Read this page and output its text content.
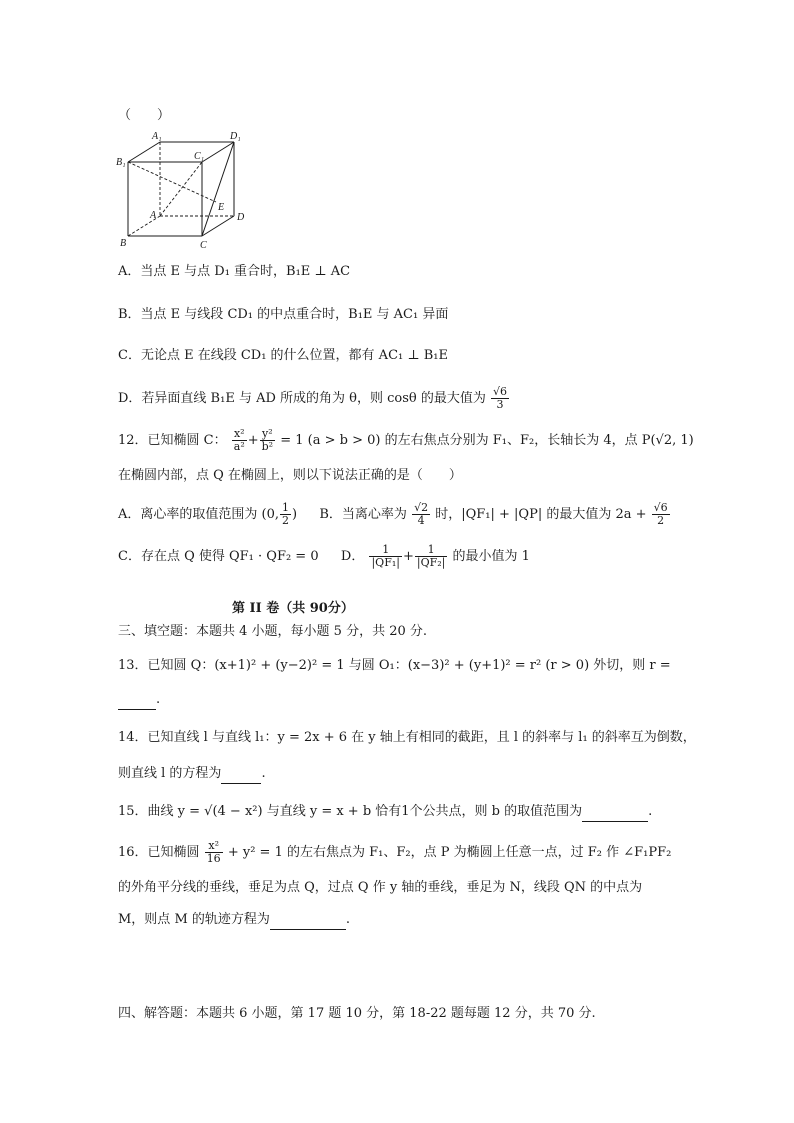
（　　）
A₁	D₁
B₁
C₁
A
E
D
B	C
A．当点 E 与点 D₁ 重合时，B₁E ⊥ AC
B．当点 E 与线段 CD₁ 的中点重合时，B₁E 与 AC₁ 异面
C．无论点 E 在线段 CD₁ 的什么位置，都有 AC₁ ⊥ B₁E
D．若异面直线 B₁E 与 AD 所成的角为 θ，则 cosθ 的最大值为 $\frac{√6}{3}$
12．已知椭圆 C： $\frac{\text{x²}}{\text{a²}} + \frac{\text{y²}}{\text{b²}} = 1$ (a > b > 0) 的左右焦点分别为 F₁、F₂，长轴长为 4，点 P(√2, 1)
在椭圆内部，点 Q 在椭圆上，则以下说法正确的是（　　）
A．离心率的取值范围为 (0, $\frac{1}{2}$ ) B．当离心率为 $\frac{√2}{4}$ 时，|QF₁| + |QP| 的最大值为 $2a + \frac{√6}{2}$
C．存在点 Q 使得 QF₁ · QF₂ = 0 D． $\frac{1}{\text{|QF₁|}} + \frac{1}{\text{|QF₂|}}$ 的最小值为 1
第 II 卷（共 90分）
三、填空题：本题共 4 小题，每小题 5 分，共 20 分.
13．已知圆 Q：(x+1)² + (y−2)² = 1 与圆 O₁：(x−3)² + (y+1)² = r² (r > 0) 外切，则 r =
.
14．已知直线 l 与直线 l₁：y = 2x + 6 在 y 轴上有相同的截距，且 l 的斜率与 l₁ 的斜率互为倒数，
则直线 l 的方程为	.
15．曲线 y = √(4 − x²) 与直线 y = x + b 恰有1个公共点，则 b 的取值范围为	.
16．已知椭圆 $\frac{\text{x²}}{16} + y^2 = 1$ 的左右焦点为 F₁、F₂，点 P 为椭圆上任意一点，过 F₂ 作 ∠F₁PF₂
的外角平分线的垂线，垂足为点 Q，过点 Q 作 y 轴的垂线，垂足为 N，线段 QN 的中点为
M，则点 M 的轨迹方程为	.
四、解答题：本题共 6 小题，第 17 题 10 分，第 18-22 题每题 12 分，共 70 分.
